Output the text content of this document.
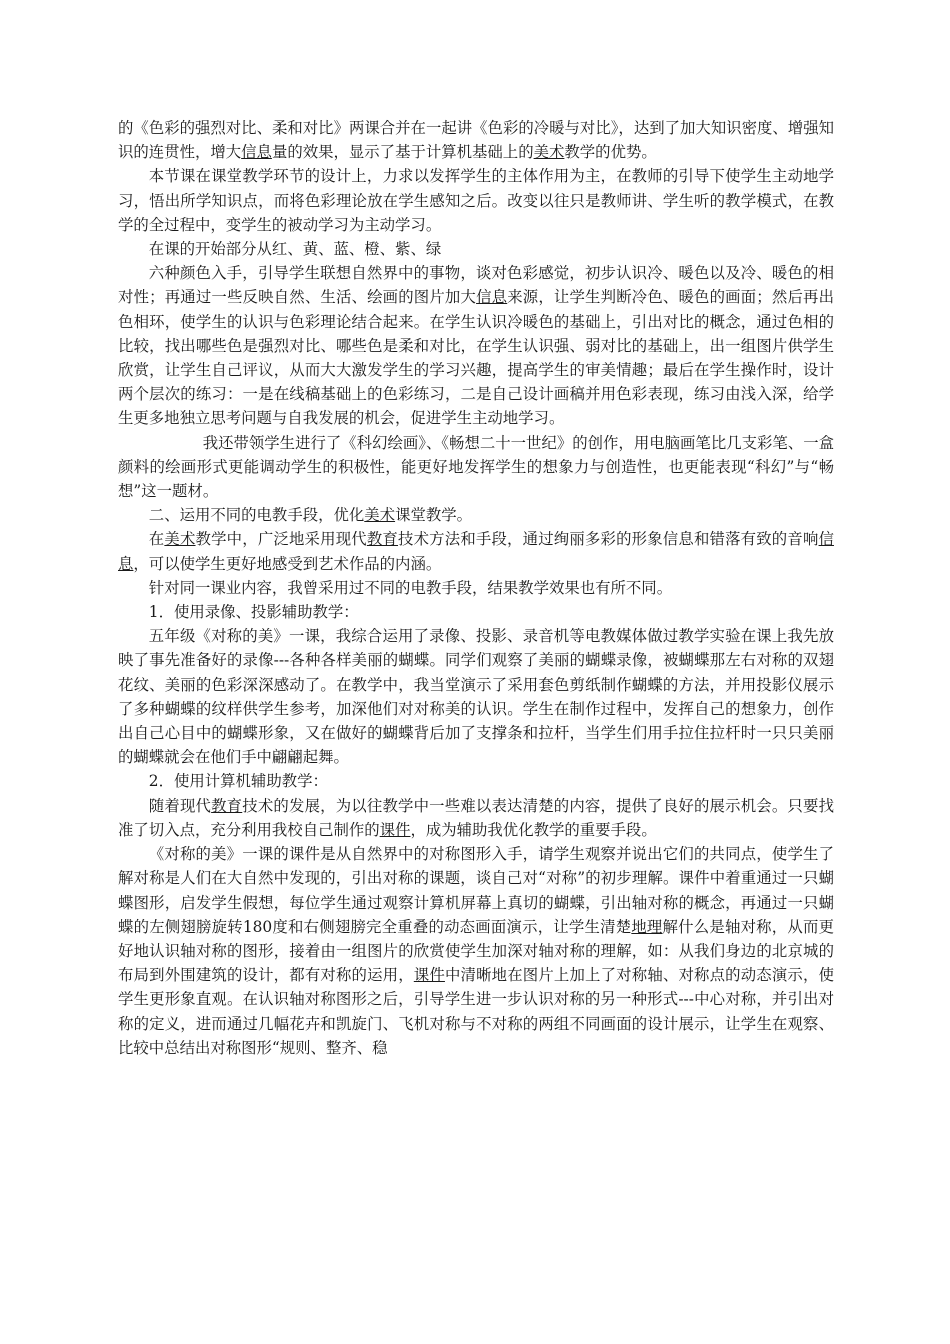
的《色彩的强烈对比、柔和对比》两课合并在一起讲《色彩的冷暖与对比》，达到了加大知识密度、增强知识的连贯性，增大信息量的效果，显示了基于计算机基础上的美术教学的优势。

本节课在课堂教学环节的设计上，力求以发挥学生的主体作用为主，在教师的引导下使学生主动地学习，悟出所学知识点，而将色彩理论放在学生感知之后。改变以往只是教师讲、学生听的教学模式，在教学的全过程中，变学生的被动学习为主动学习。

在课的开始部分从红、黄、蓝、橙、紫、绿

六种颜色入手，引导学生联想自然界中的事物，谈对色彩感觉，初步认识冷、暖色以及冷、暖色的相对性；再通过一些反映自然、生活、绘画的图片加大信息来源，让学生判断冷色、暖色的画面；然后再出色相环，使学生的认识与色彩理论结合起来。在学生认识冷暖色的基础上，引出对比的概念，通过色相的比较，找出哪些色是强烈对比、哪些色是柔和对比，在学生认识强、弱对比的基础上，出一组图片供学生欣赏，让学生自己评议，从而大大激发学生的学习兴趣，提高学生的审美情趣；最后在学生操作时，设计两个层次的练习：一是在线稿基础上的色彩练习，二是自己设计画稿并用色彩表现，练习由浅入深，给学生更多地独立思考问题与自我发展的机会，促进学生主动地学习。

我还带领学生进行了《科幻绘画》、《畅想二十一世纪》的创作，用电脑画笔比几支彩笔、一盒颜料的绘画形式更能调动学生的积极性，能更好地发挥学生的想象力与创造性，也更能表现“科幻”与“畅想”这一题材。

二、运用不同的电教手段，优化美术课堂教学。

在美术教学中，广泛地采用现代教育技术方法和手段，通过绚丽多彩的形象信息和错落有致的音响信息，可以使学生更好地感受到艺术作品的内涵。

针对同一课业内容，我曾采用过不同的电教手段，结果教学效果也有所不同。

1．使用录像、投影辅助教学：

五年级《对称的美》一课，我综合运用了录像、投影、录音机等电教媒体做过教学实验在课上我先放映了事先准备好的录像---各种各样美丽的蝴蝶。同学们观察了美丽的蝴蝶录像，被蝴蝶那左右对称的双翅花纹、美丽的色彩深深感动了。在教学中，我当堂演示了采用套色剪纸制作蝴蝶的方法，并用投影仪展示了多种蝴蝶的纹样供学生参考，加深他们对对称美的认识。学生在制作过程中，发挥自己的想象力，创作出自己心目中的蝴蝶形象，又在做好的蝴蝶背后加了支撑条和拉杆，当学生们用手拉住拉杆时一只只美丽的蝴蝶就会在他们手中翩翩起舞。

2．使用计算机辅助教学：

随着现代教育技术的发展，为以往教学中一些难以表达清楚的内容，提供了良好的展示机会。只要找准了切入点，充分利用我校自己制作的课件，成为辅助我优化教学的重要手段。

《对称的美》一课的课件是从自然界中的对称图形入手，请学生观察并说出它们的共同点，使学生了解对称是人们在大自然中发现的，引出对称的课题，谈自己对“对称”的初步理解。课件中着重通过一只蝴蝶图形，启发学生假想，每位学生通过观察计算机屏幕上真切的蝴蝶，引出轴对称的概念，再通过一只蝴蝶的左侧翅膀旋转180度和右侧翅膀完全重叠的动态画面演示，让学生清楚地理解什么是轴对称，从而更好地认识轴对称的图形，接着由一组图片的欣赏使学生加深对轴对称的理解，如：从我们身边的北京城的布局到外围建筑的设计，都有对称的运用，课件中清晰地在图片上加上了对称轴、对称点的动态演示，使学生更形象直观。在认识轴对称图形之后，引导学生进一步认识对称的另一种形式---中心对称，并引出对称的定义，进而通过几幅花卉和凯旋门、飞机对称与不对称的两组不同画面的设计展示，让学生在观察、比较中总结出对称图形“规则、整齐、稳
